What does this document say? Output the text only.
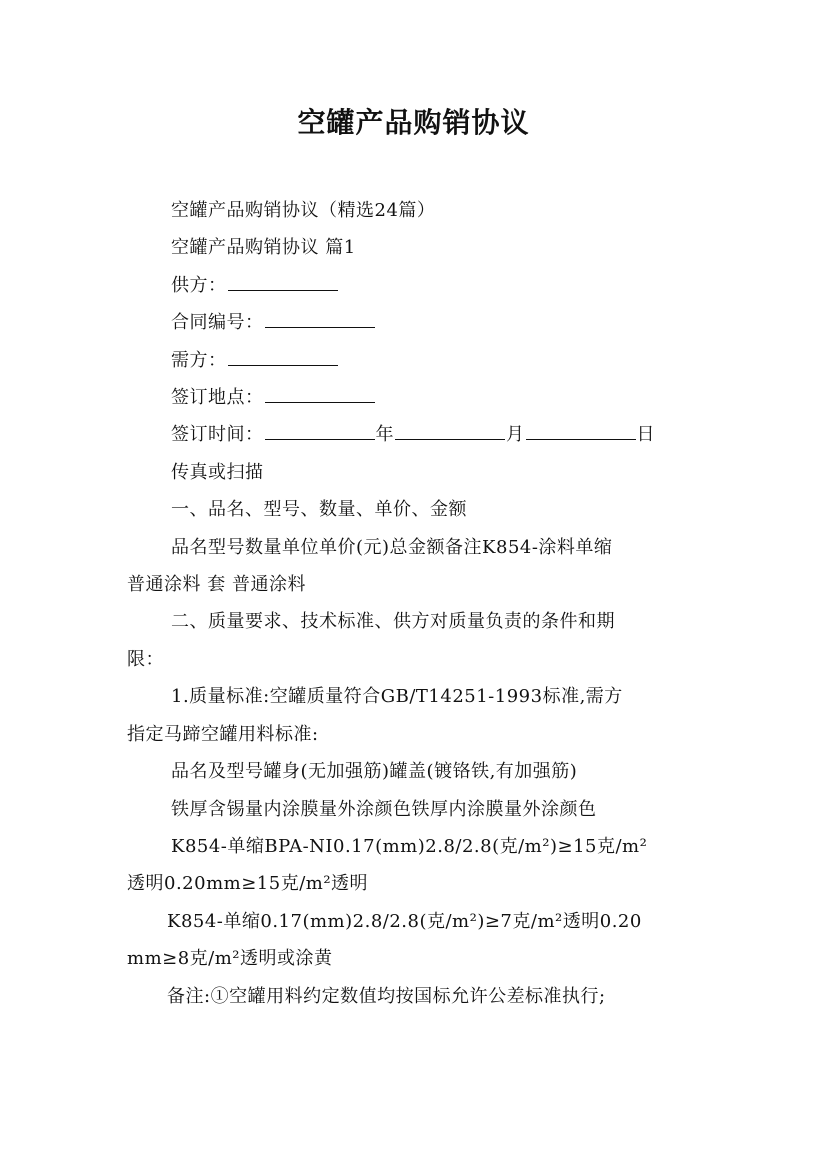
空罐产品购销协议

空罐产品购销协议（精选24篇）

空罐产品购销协议 篇1

供方：

合同编号：

需方：

签订地点：

签订时间：	年	月	日

传真或扫描

一、品名、型号、数量、单价、金额

品名型号数量单位单价(元)总金额备注K854-涂料单缩

普通涂料 套 普通涂料

二、质量要求、技术标准、供方对质量负责的条件和期

限：

1.质量标准:空罐质量符合GB/T14251-1993标准,需方

指定马蹄空罐用料标准:

品名及型号罐身(无加强筋)罐盖(镀铬铁,有加强筋)

铁厚含锡量内涂膜量外涂颜色铁厚内涂膜量外涂颜色

K854-单缩BPA-NI0.17(mm)2.8/2.8(克/m²)≥15克/m²

透明0.20mm≥15克/m²透明

K854-单缩0.17(mm)2.8/2.8(克/m²)≥7克/m²透明0.20

mm≥8克/m²透明或涂黄

备注:①空罐用料约定数值均按国标允许公差标准执行;
